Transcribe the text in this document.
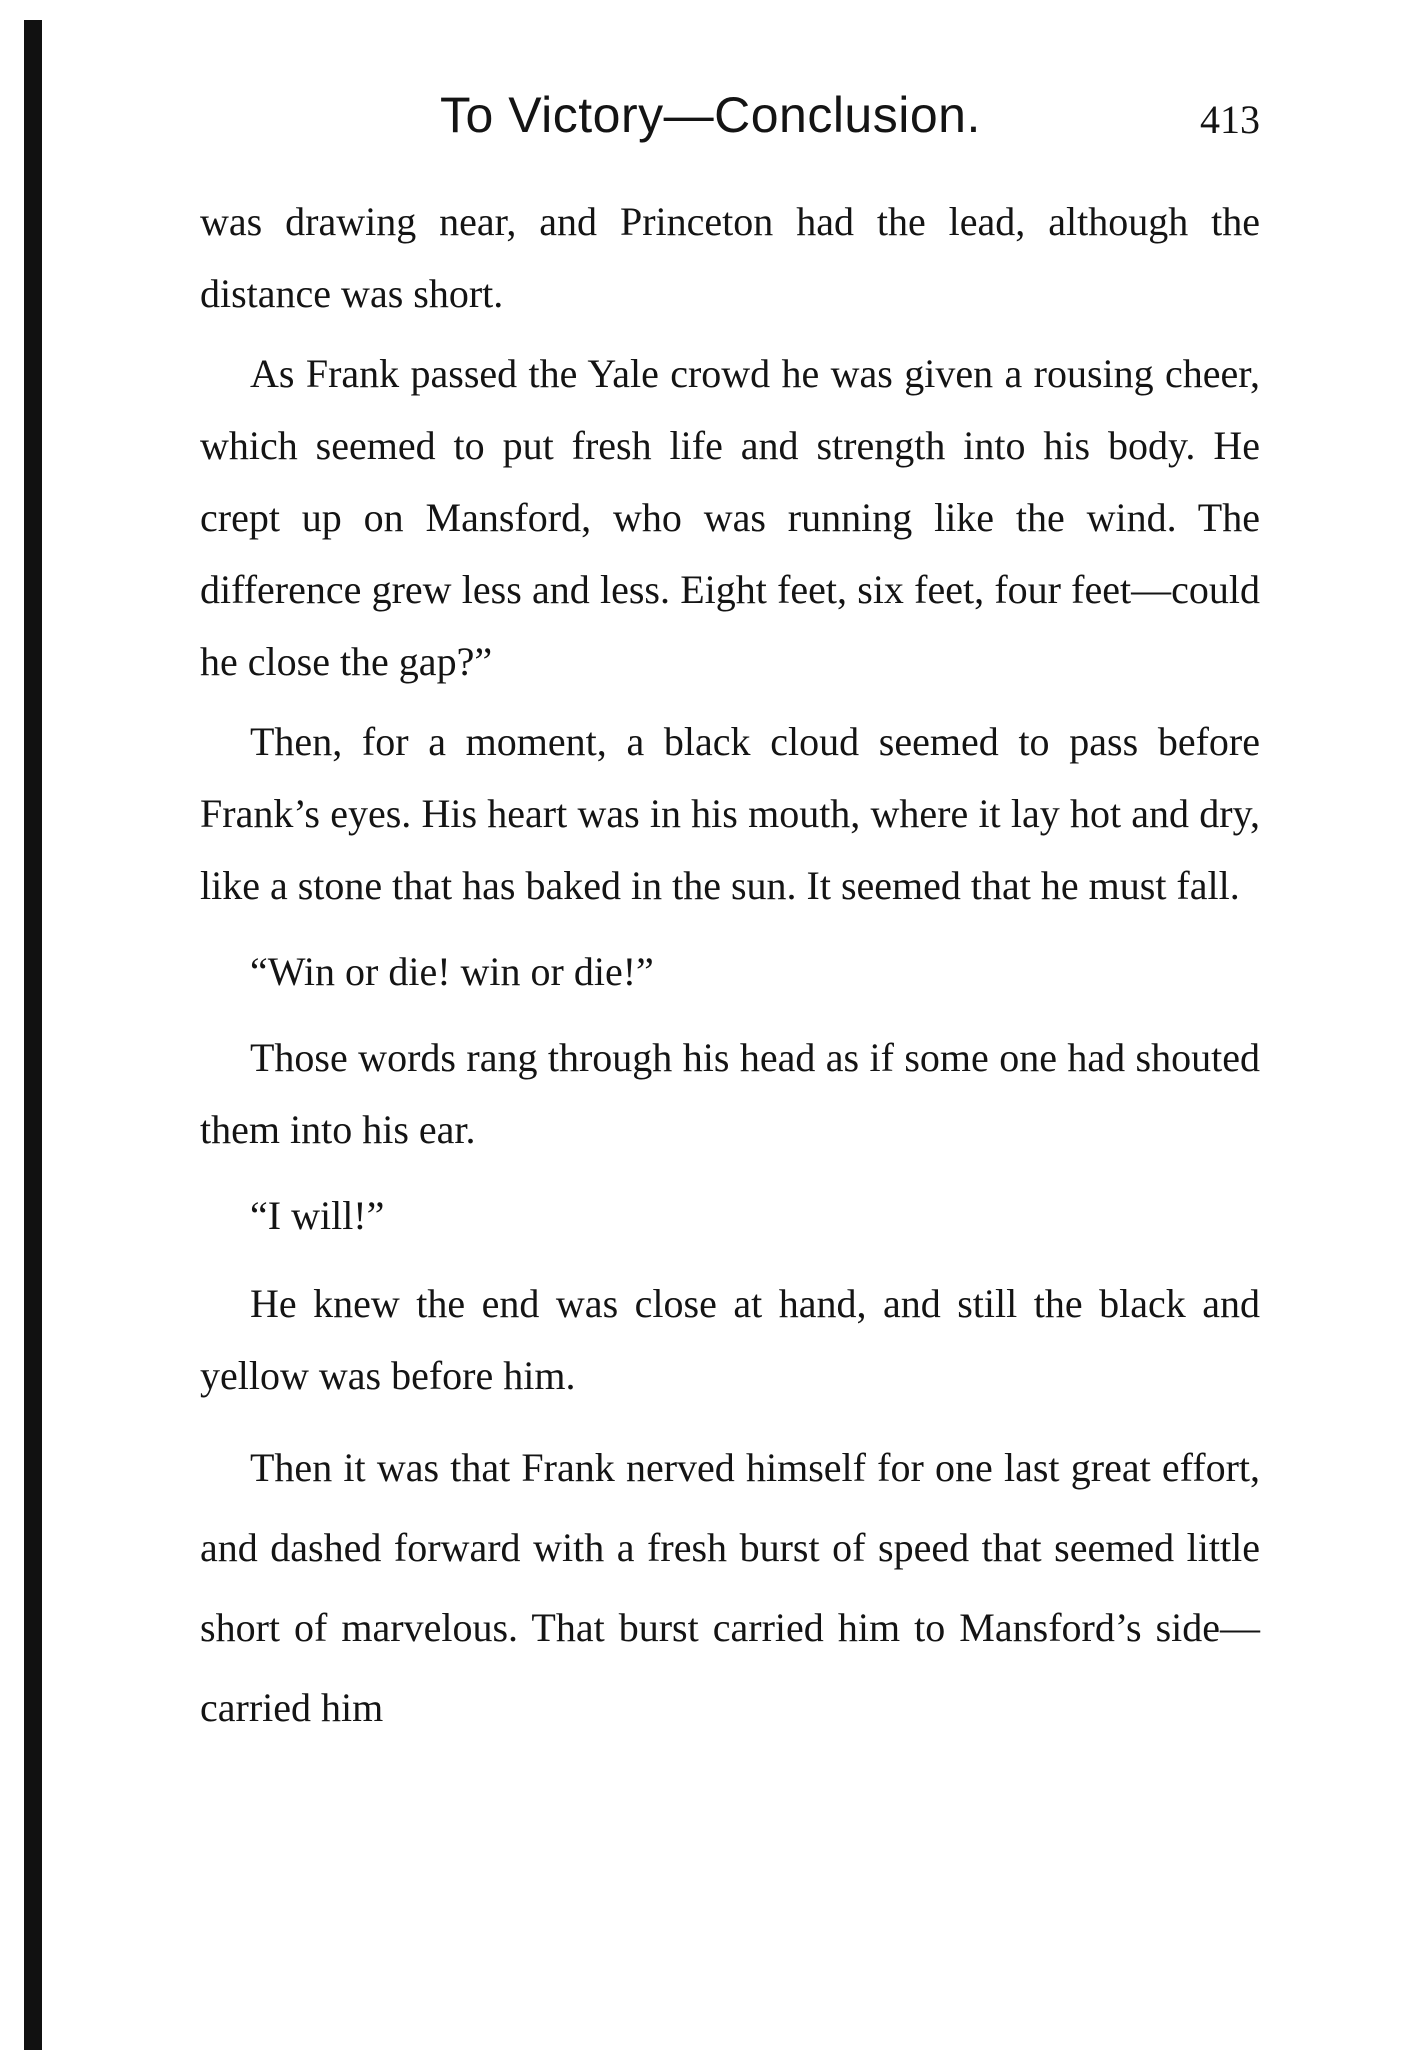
To Victory—Conclusion.	413

was drawing near, and Princeton had the lead, although the distance was short.

As Frank passed the Yale crowd he was given a rousing cheer, which seemed to put fresh life and strength into his body. He crept up on Mansford, who was running like the wind. The difference grew less and less. Eight feet, six feet, four feet—could he close the gap?”

Then, for a moment, a black cloud seemed to pass before Frank’s eyes. His heart was in his mouth, where it lay hot and dry, like a stone that has baked in the sun. It seemed that he must fall.

“Win or die! win or die!”

Those words rang through his head as if some one had shouted them into his ear.

“I will!”

He knew the end was close at hand, and still the black and yellow was before him.

Then it was that Frank nerved himself for one last great effort, and dashed forward with a fresh burst of speed that seemed little short of marvelous. That burst carried him to Mansford’s side—carried him
